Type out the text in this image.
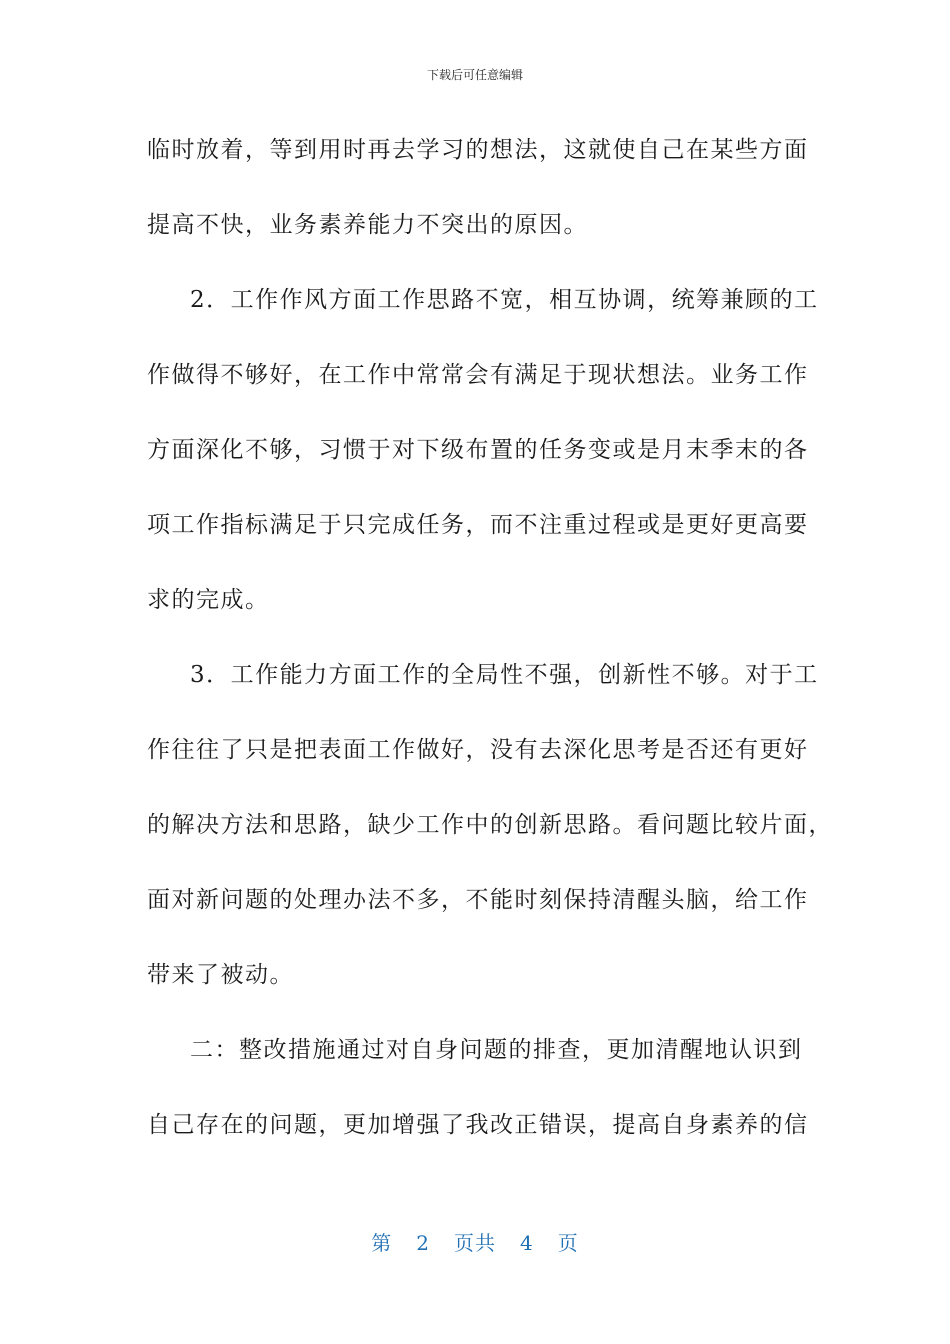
下载后可任意编辑
临时放着，等到用时再去学习的想法，这就使自己在某些方面
提高不快，业务素养能力不突出的原因。
2．工作作风方面工作思路不宽，相互协调，统筹兼顾的工
作做得不够好，在工作中常常会有满足于现状想法。业务工作
方面深化不够，习惯于对下级布置的任务变或是月末季末的各
项工作指标满足于只完成任务，而不注重过程或是更好更高要
求的完成。
3．工作能力方面工作的全局性不强，创新性不够。对于工
作往往了只是把表面工作做好，没有去深化思考是否还有更好
的解决方法和思路，缺少工作中的创新思路。看问题比较片面，
面对新问题的处理办法不多，不能时刻保持清醒头脑，给工作
带来了被动。
二：整改措施通过对自身问题的排查，更加清醒地认识到
自己存在的问题，更加增强了我改正错误，提高自身素养的信
第 2 页共 4 页
